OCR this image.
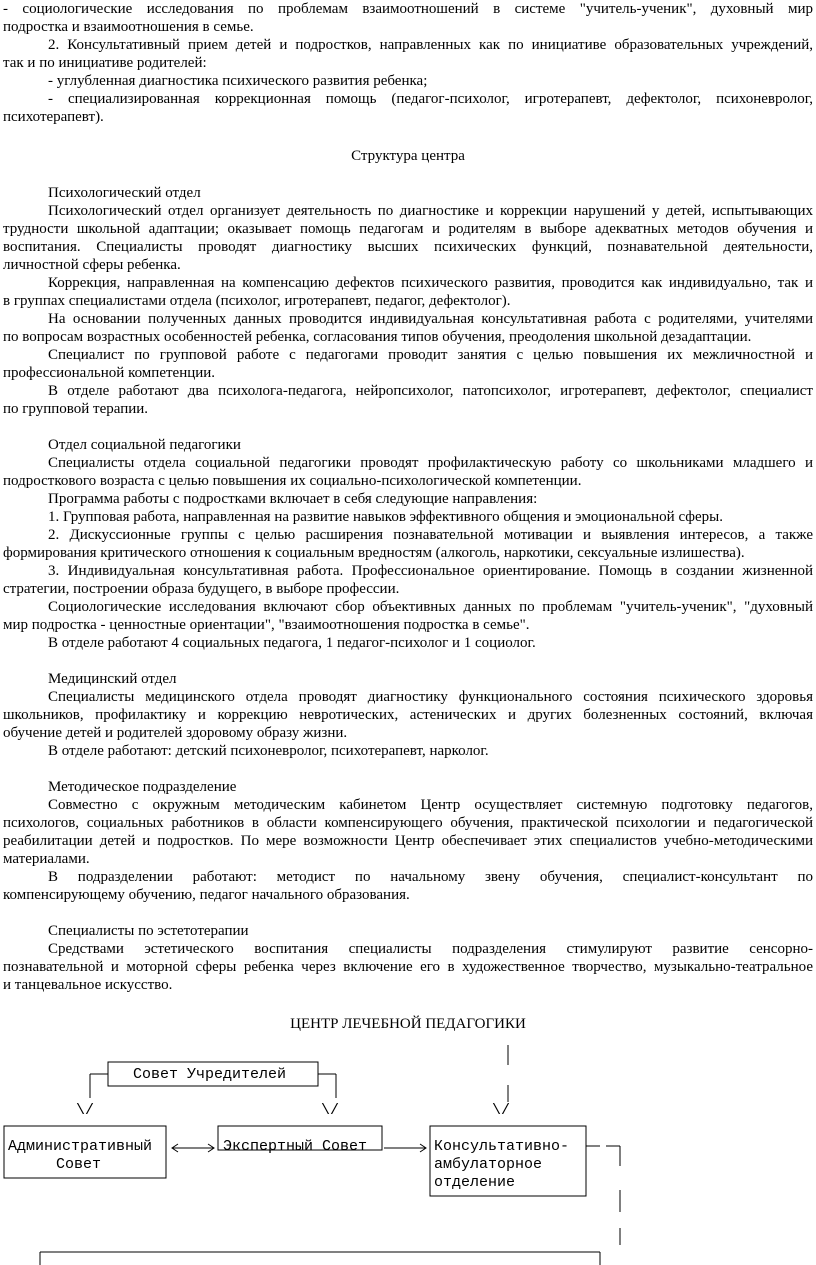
- социологические исследования по проблемам взаимоотношений в системе "учитель-ученик", духовный мир
подростка и взаимоотношения в семье.
2. Консультативный прием детей и подростков, направленных как по инициативе образовательных учреждений,
так и по инициативе родителей:
- углубленная диагностика психического развития ребенка;
- специализированная коррекционная помощь (педагог-психолог, игротерапевт, дефектолог, психоневролог,
психотерапевт).
Структура центра
Психологический отдел
Психологический отдел организует деятельность по диагностике и коррекции нарушений у детей, испытывающих
трудности школьной адаптации; оказывает помощь педагогам и родителям в выборе адекватных методов обучения и
воспитания. Специалисты проводят диагностику высших психических функций, познавательной деятельности,
личностной сферы ребенка.
Коррекция, направленная на компенсацию дефектов психического развития, проводится как индивидуально, так и
в группах специалистами отдела (психолог, игротерапевт, педагог, дефектолог).
На основании полученных данных проводится индивидуальная консультативная работа с родителями, учителями
по вопросам возрастных особенностей ребенка, согласования типов обучения, преодоления школьной дезадаптации.
Специалист по групповой работе с педагогами проводит занятия с целью повышения их межличностной и
профессиональной компетенции.
В отделе работают два психолога-педагога, нейропсихолог, патопсихолог, игротерапевт, дефектолог, специалист
по групповой терапии.
Отдел социальной педагогики
Специалисты отдела социальной педагогики проводят профилактическую работу со школьниками младшего и
подросткового возраста с целью повышения их социально-психологической компетенции.
Программа работы с подростками включает в себя следующие направления:
1. Групповая работа, направленная на развитие навыков эффективного общения и эмоциональной сферы.
2. Дискуссионные группы с целью расширения познавательной мотивации и выявления интересов, а также
формирования критического отношения к социальным вредностям (алкоголь, наркотики, сексуальные излишества).
3. Индивидуальная консультативная работа. Профессиональное ориентирование. Помощь в создании жизненной
стратегии, построении образа будущего, в выборе профессии.
Социологические исследования включают сбор объективных данных по проблемам "учитель-ученик", "духовный
мир подростка - ценностные ориентации", "взаимоотношения подростка в семье".
В отделе работают 4 социальных педагога, 1 педагог-психолог и 1 социолог.
Медицинский отдел
Специалисты медицинского отдела проводят диагностику функционального состояния психического здоровья
школьников, профилактику и коррекцию невротических, астенических и других болезненных состояний, включая
обучение детей и родителей здоровому образу жизни.
В отделе работают: детский психоневролог, психотерапевт, нарколог.
Методическое подразделение
Совместно с окружным методическим кабинетом Центр осуществляет системную подготовку педагогов,
психологов, социальных работников в области компенсирующего обучения, практической психологии и педагогической
реабилитации детей и подростков. По мере возможности Центр обеспечивает этих специалистов учебно-методическими
материалами.
В подразделении работают: методист по начальному звену обучения, специалист-консультант по
компенсирующему обучению, педагог начального образования.
Специалисты по эстетотерапии
Средствами эстетического воспитания специалисты подразделения стимулируют развитие сенсорно-
познавательной и моторной сферы ребенка через включение его в художественное творчество, музыкально-театральное
и танцевальное искусство.
ЦЕНТР ЛЕЧЕБНОЙ ПЕДАГОГИКИ
Совет Учредителей
\/	\/	\/
Административный
Совет
Экспертный Совет	Консультативно-
амбулаторное
отделение
